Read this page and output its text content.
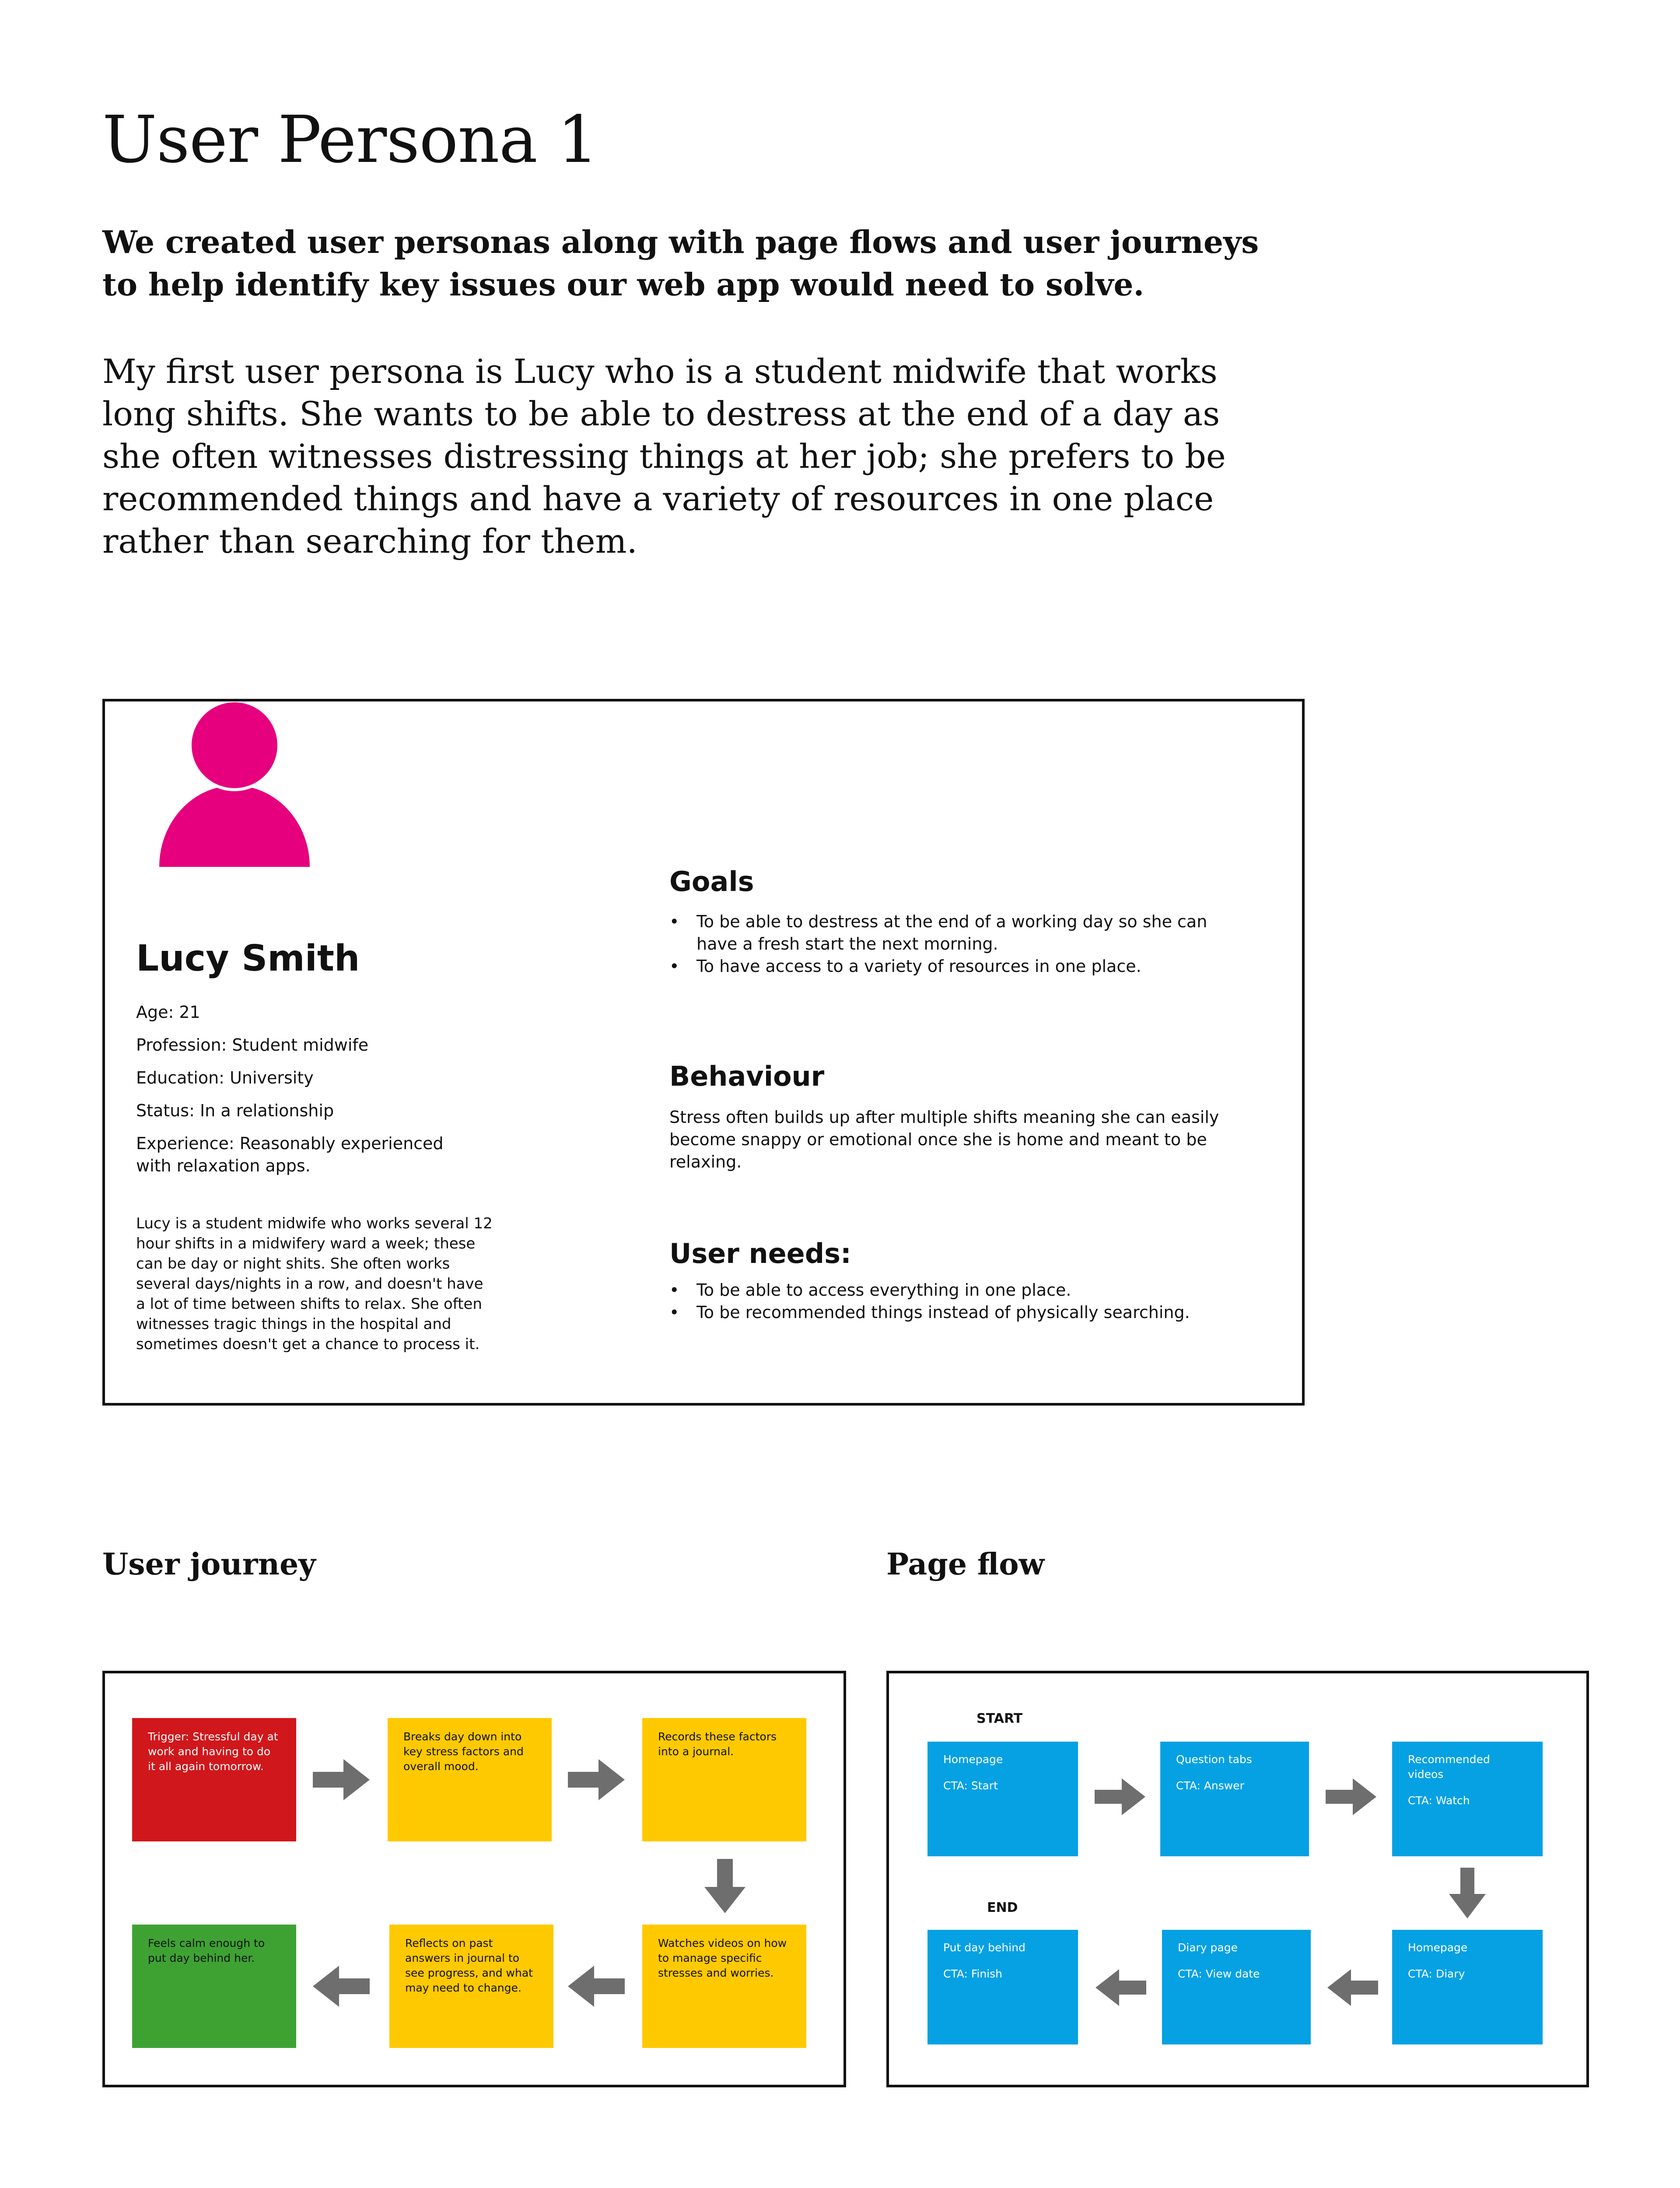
User Persona 1

We created user personas along with page flows and user journeys to help identify key issues our web app would need to solve.

My first user persona is Lucy who is a student midwife that works long shifts. She wants to be able to destress at the end of a day as she often witnesses distressing things at her job; she prefers to be recommended things and have a variety of resources in one place rather than searching for them.

Lucy Smith
Age: 21
Profession: Student midwife
Education: University
Status: In a relationship
Experience: Reasonably experienced with relaxation apps.
Lucy is a student midwife who works several 12 hour shifts in a midwifery ward a week; these can be day or night shits. She often works several days/nights in a row, and doesn't have a lot of time between shifts to relax. She often witnesses tragic things in the hospital and sometimes doesn't get a chance to process it.
Goals
• To be able to destress at the end of a working day so she can have a fresh start the next morning.
• To have access to a variety of resources in one place.
Behaviour
Stress often builds up after multiple shifts meaning she can easily become snappy or emotional once she is home and meant to be relaxing.
User needs:
• To be able to access everything in one place.
• To be recommended things instead of physically searching.
User journey	Page flow
Trigger: Stressful day at work and having to do it all again tomorrow.
Breaks day down into key stress factors and overall mood.
Records these factors into a journal.
Watches videos on how to manage specific stresses and worries.
Reflects on past answers in journal to see progress, and what may need to change.
Feels calm enough to put day behind her.
START
END
Homepage
CTA: Start
Question tabs
CTA: Answer
Recommended videos
CTA: Watch
Homepage
CTA: Diary
Diary page
CTA: View date
Put day behind
CTA: Finish
